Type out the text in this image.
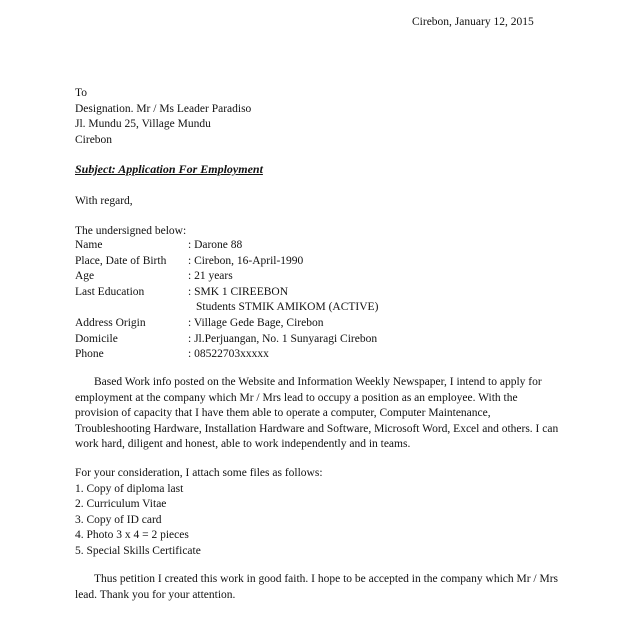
Cirebon, January 12, 2015
To
Designation. Mr / Ms Leader Paradiso
Jl. Mundu 25, Village Mundu
Cirebon
Subject: Application For Employment
With regard,
The undersigned below:
Name	: Darone 88
Place, Date of Birth	: Cirebon, 16-April-1990
Age	: 21 years
Last Education	: SMK 1 CIREEBON
Students STMIK AMIKOM (ACTIVE)
Address Origin	: Village Gede Bage, Cirebon
Domicile	: Jl.Perjuangan, No. 1 Sunyaragi Cirebon
Phone	: 08522703xxxxx
Based Work info posted on the Website and Information Weekly Newspaper, I intend to apply for
employment at the company which Mr / Mrs lead to occupy a position as an employee. With the
provision of capacity that I have them able to operate a computer, Computer Maintenance,
Troubleshooting Hardware, Installation Hardware and Software, Microsoft Word, Excel and others. I can
work hard, diligent and honest, able to work independently and in teams.
For your consideration, I attach some files as follows:
1. Copy of diploma last
2. Curriculum Vitae
3. Copy of ID card
4. Photo 3 x 4 = 2 pieces
5. Special Skills Certificate
Thus petition I created this work in good faith. I hope to be accepted in the company which Mr / Mrs
lead. Thank you for your attention.
